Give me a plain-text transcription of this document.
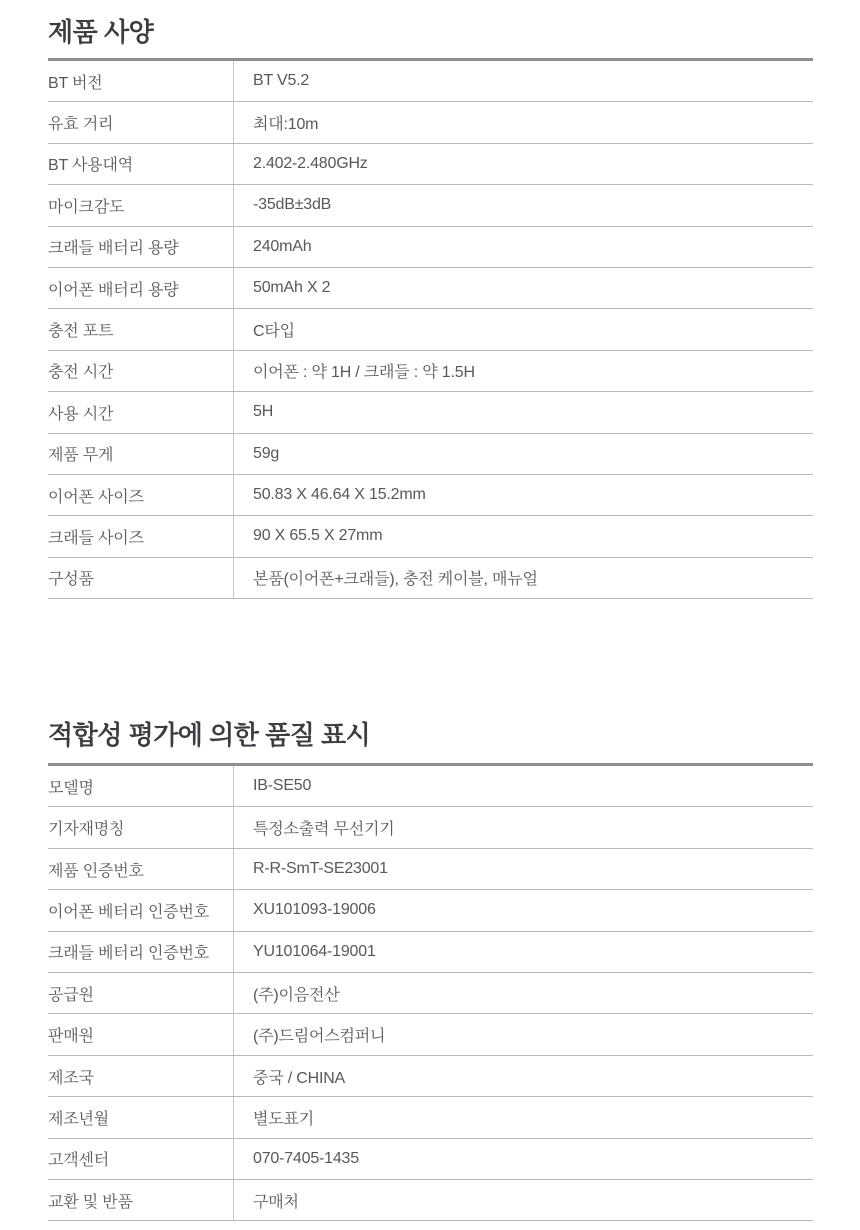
제품 사양
BT 버전	BT V5.2
유효 거리	최대:10m
BT 사용대역	2.402-2.480GHz
마이크감도	-35dB±3dB
크래들 배터리 용량	240mAh
이어폰 배터리 용량	50mAh X 2
충전 포트	C타입
충전 시간	이어폰 : 약 1H / 크래들 : 약 1.5H
사용 시간	5H
제품 무게	59g
이어폰 사이즈	50.83 X 46.64 X 15.2mm
크래들 사이즈	90 X 65.5 X 27mm
구성품	본품(이어폰+크래들), 충전 케이블, 매뉴얼
적합성 평가에 의한 품질 표시
모델명	IB-SE50
기자재명칭	특정소출력 무선기기
제품 인증번호	R-R-SmT-SE23001
이어폰 베터리 인증번호	XU101093-19006
크래들 베터리 인증번호	YU101064-19001
공급원	(주)이음전산
판매원	(주)드림어스컴퍼니
제조국	중국 / CHINA
제조년월	별도표기
고객센터	070-7405-1435
교환 및 반품	구매처
